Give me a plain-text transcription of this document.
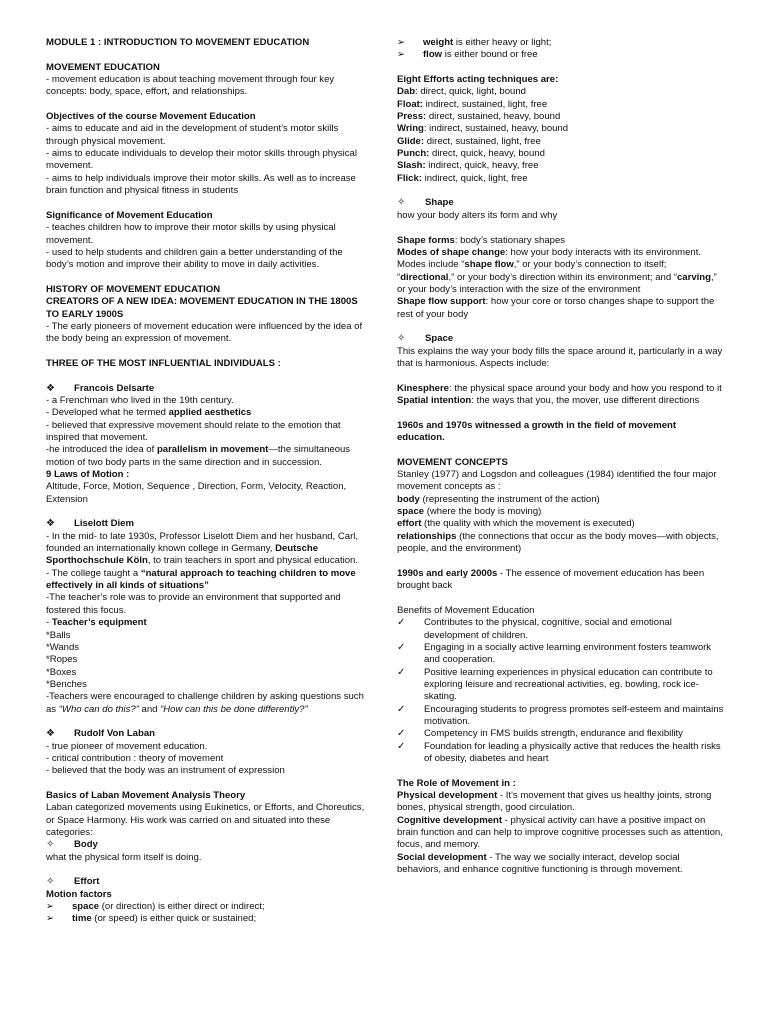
MODULE 1 : INTRODUCTION TO MOVEMENT EDUCATION

MOVEMENT EDUCATION

- movement education is about teaching movement through four key concepts: body, space, effort, and relationships.

Objectives of the course Movement Education

- aims to educate and aid in the development of student’s motor skills through physical movement.

- aims to educate individuals to develop their motor skills through physical movement.

- aims to help individuals improve their motor skills. As well as to increase brain function and physical fitness in students

Significance of Movement Education

- teaches children how to improve their motor skills by using physical movement.

- used to help students and children gain a better understanding of the body’s motion and improve their ability to move in daily activities.

HISTORY OF MOVEMENT EDUCATION

CREATORS OF A NEW IDEA: MOVEMENT EDUCATION IN THE 1800S TO EARLY 1900S

- The early pioneers of movement education were influenced by the idea of the body being an expression of movement.

THREE OF THE MOST INFLUENTIAL INDIVIDUALS :

❖ Francois Delsarte

- a Frenchman who lived in the 19th century.

- Developed what he termed applied aesthetics

- believed that expressive movement should relate to the emotion that inspired that movement.

-he introduced the idea of parallelism in movement—the simultaneous motion of two body parts in the same direction and in succession.

9 Laws of Motion :

Altitude, Force, Motion, Sequence , Direction, Form, Velocity, Reaction, Extension

❖ Liselott Diem

- In the mid- to late 1930s, Professor Liselott Diem and her husband, Carl, founded an internationally known college in Germany, Deutsche Sporthochschule Köln, to train teachers in sport and physical education.

- The college taught a “natural approach to teaching children to move effectively in all kinds of situations”

-The teacher’s role was to provide an environment that supported and fostered this focus.

- Teacher’s equipment

*Balls

*Wands

*Ropes

*Boxes

*Benches

-Teachers were encouraged to challenge children by asking questions such as “Who can do this?” and “How can this be done differently?”

❖ Rudolf Von Laban

- true pioneer of movement education.

- critical contribution : theory of movement

- believed that the body was an instrument of expression

Basics of Laban Movement Analysis Theory

Laban categorized movements using Eukinetics, or Efforts, and Choreutics, or Space Harmony. His work was carried on and situated into these categories:

✧ Body

what the physical form itself is doing.

✧ Effort

Motion factors

➢	space (or direction) is either direct or indirect;
➢	time (or speed) is either quick or sustained;
➢	weight is either heavy or light;
➢	flow is either bound or free

Eight Efforts acting techniques are:

Dab: direct, quick, light, bound

Float: indirect, sustained, light, free

Press: direct, sustained, heavy, bound

Wring: indirect, sustained, heavy, bound

Glide: direct, sustained, light, free

Punch: direct, quick, heavy, bound

Slash: indirect, quick, heavy, free

Flick: indirect, quick, light, free

✧ Shape

how your body alters its form and why

Shape forms: body’s stationary shapes

Modes of shape change: how your body interacts with its environment. Modes include “shape flow,” or your body’s connection to itself; “directional,” or your body’s direction within its environment; and “carving,” or your body’s interaction with the size of the environment

Shape flow support: how your core or torso changes shape to support the rest of your body

✧ Space

This explains the way your body fills the space around it, particularly in a way that is harmonious. Aspects include:

Kinesphere: the physical space around your body and how you respond to it

Spatial intention: the ways that you, the mover, use different directions

1960s and 1970s witnessed a growth in the field of movement education.

MOVEMENT CONCEPTS

Stanley (1977) and Logsdon and colleagues (1984) identified the four major movement concepts as :

body (representing the instrument of the action)

space (where the body is moving)

effort (the quality with which the movement is executed)

relationships (the connections that occur as the body moves—with objects, people, and the environment)

1990s and early 2000s - The essence of movement education has been brought back

Benefits of Movement Education

✓	Contributes to the physical, cognitive, social and emotional development of children.
✓	Engaging in a socially active learning environment fosters teamwork and cooperation.
✓	Positive learning experiences in physical education can contribute to exploring leisure and recreational activities, eg. bowling, rock ice-skating.
✓	Encouraging students to progress promotes self-esteem and maintains motivation.
✓	Competency in FMS builds strength, endurance and flexibility
✓	Foundation for leading a physically active that reduces the health risks of obesity, diabetes and heart

The Role of Movement in :

Physical development - It's movement that gives us healthy joints, strong bones, physical strength, good circulation.

Cognitive development - physical activity can have a positive impact on brain function and can help to improve cognitive processes such as attention, focus, and memory.

Social development - The way we socially interact, develop social behaviors, and enhance cognitive functioning is through movement.
